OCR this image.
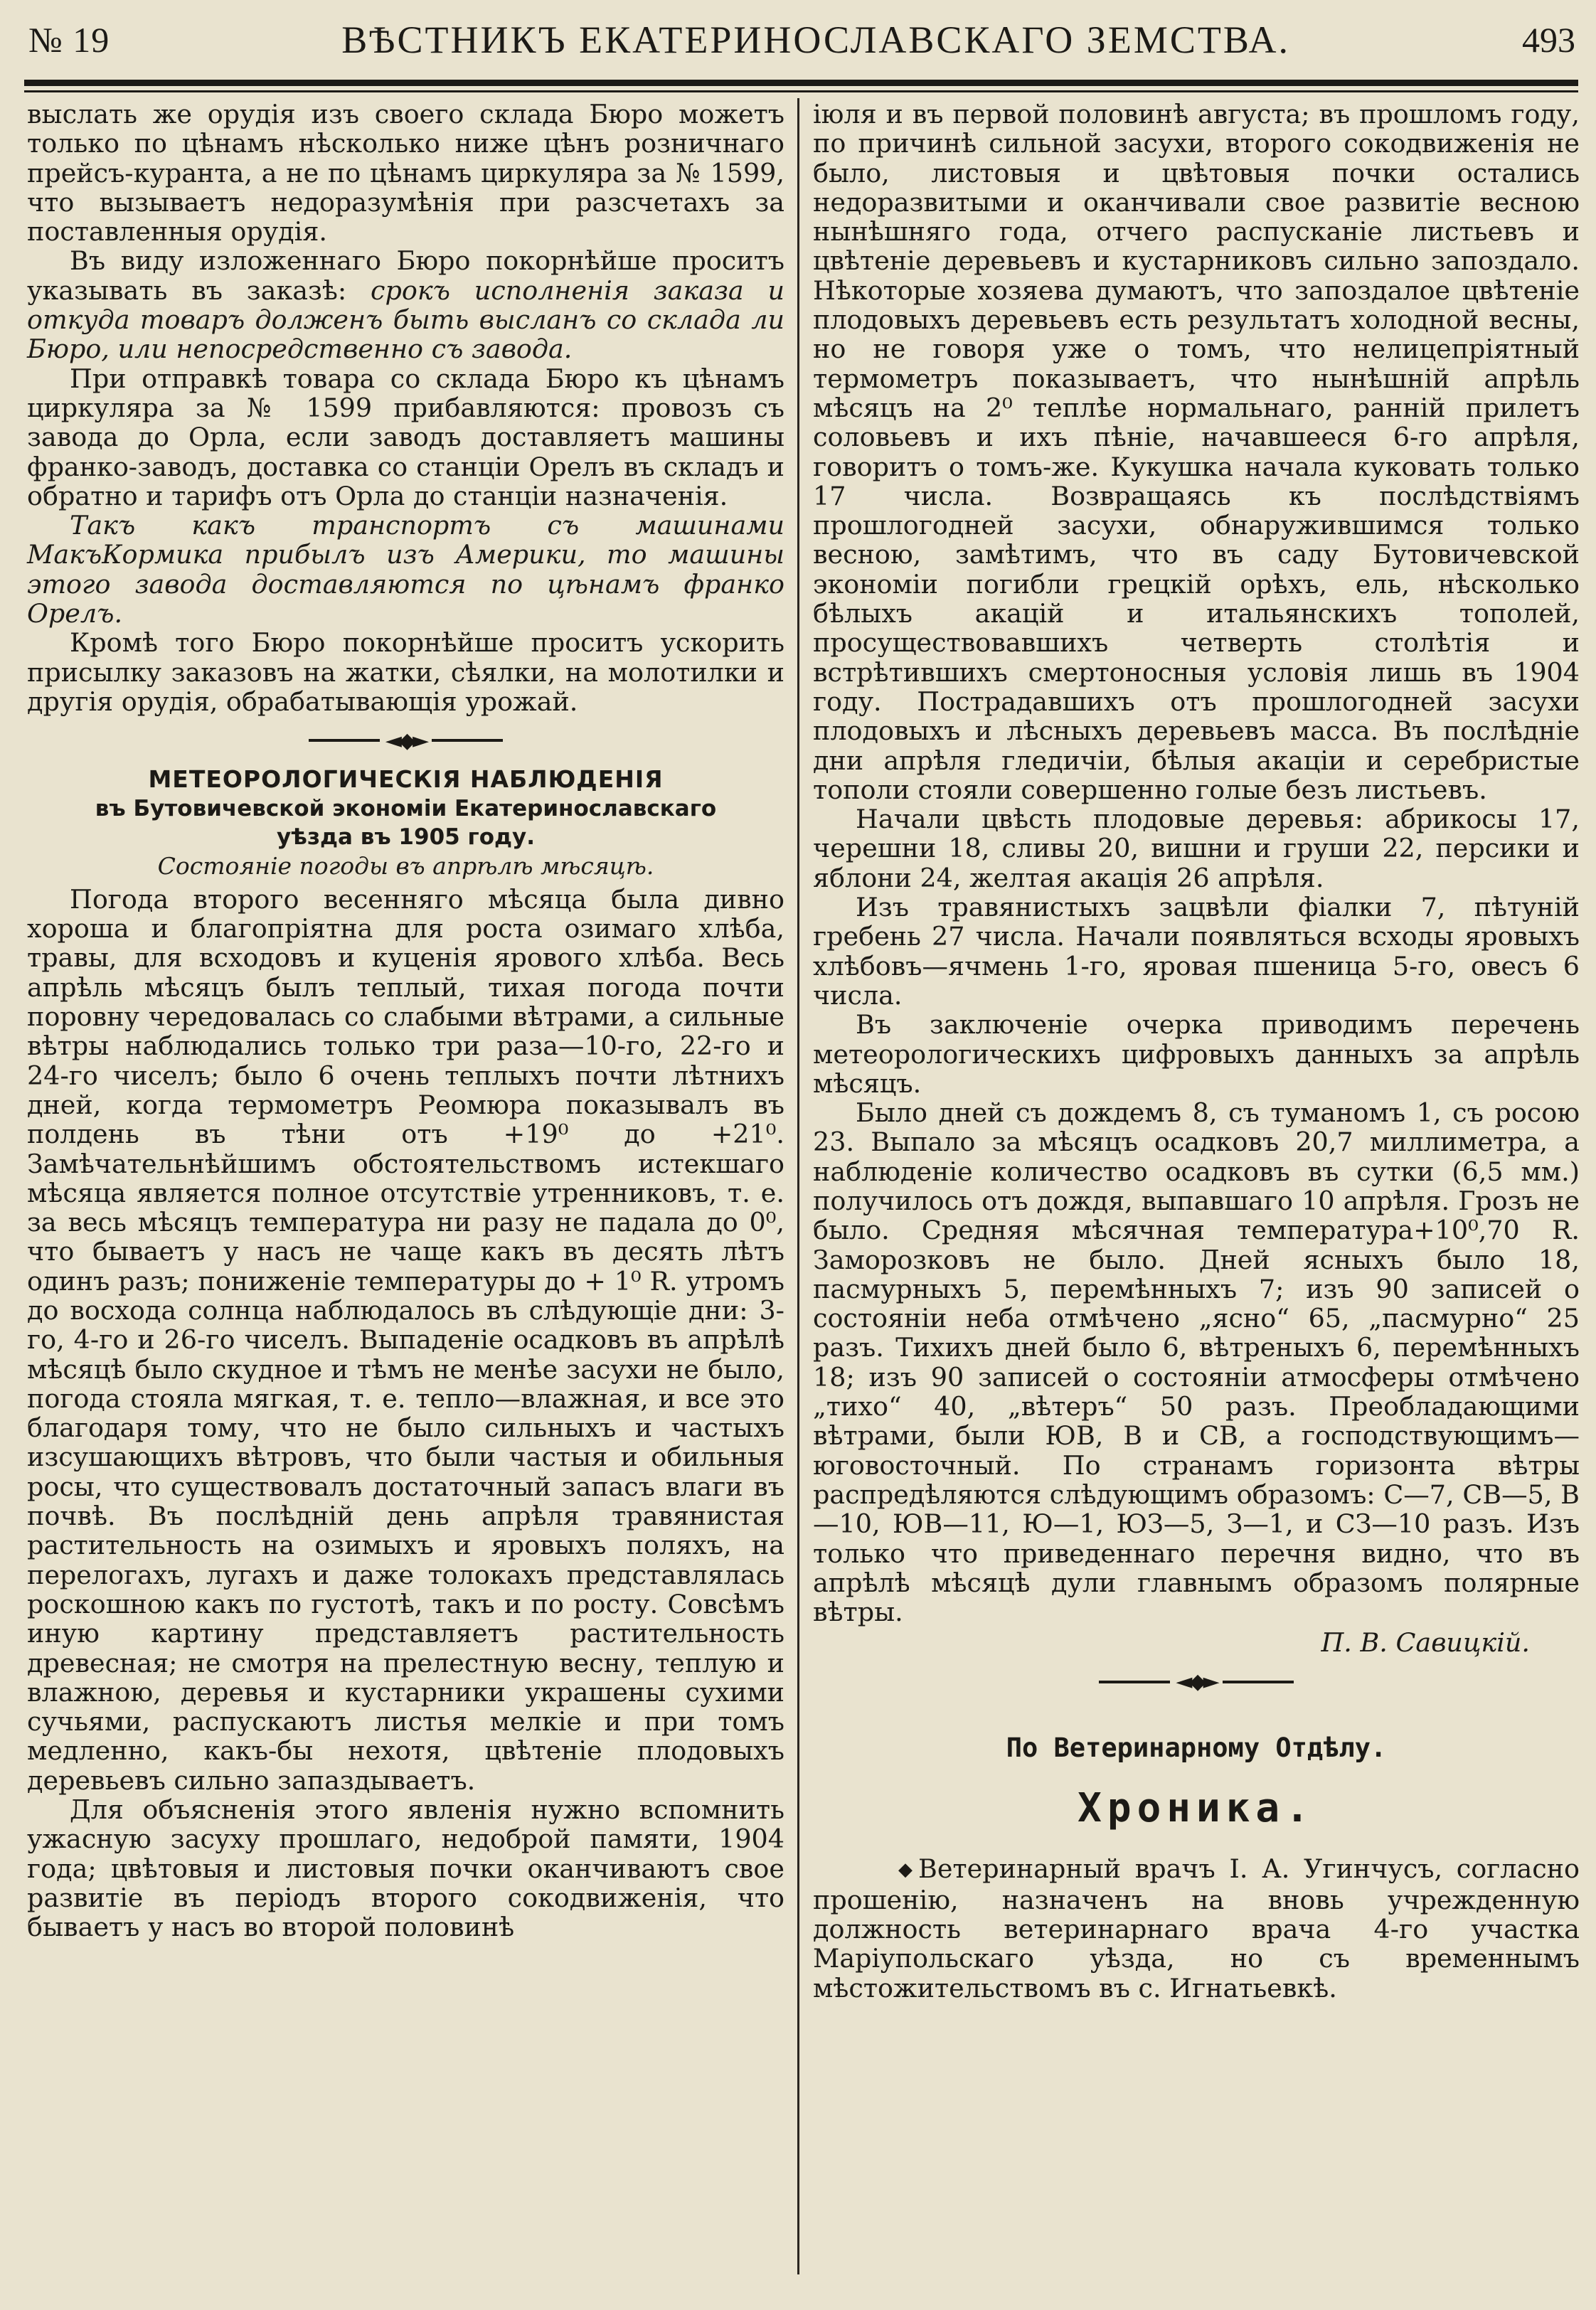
№ 19	ВѢСТНИКЪ ЕКАТЕРИНОСЛАВСКАГО ЗЕМСТВА.	493

выслать же орудія изъ своего склада Бюро можетъ только по цѣнамъ нѣсколько ниже цѣнъ розничнаго прейсъ-куранта, а не по цѣнамъ циркуляра за № 1599, что вызываетъ недоразумѣнія при разсчетахъ за поставленныя орудія.

Въ виду изложеннаго Бюро покорнѣйше проситъ указывать въ заказѣ: срокъ исполненія заказа и откуда товаръ долженъ быть высланъ со склада ли Бюро, или непосредственно съ завода.

При отправкѣ товара со склада Бюро къ цѣнамъ циркуляра за № 1599 прибавляются: провозъ съ завода до Орла, если заводъ доставляетъ машины франко-заводъ, доставка со станціи Орелъ въ складъ и обратно и тарифъ отъ Орла до станціи назначенія.

Такъ какъ транспортъ съ машинами МакъКормика прибылъ изъ Америки, то машины этого завода доставляются по цѣнамъ франко Орелъ.

Кромѣ того Бюро покорнѣйше проситъ ускорить присылку заказовъ на жатки, сѣялки, на молотилки и другія орудія, обрабатывающія урожай.

◄◆►
МЕТЕОРОЛОГИЧЕСКІЯ НАБЛЮДЕНІЯ
въ Бутовичевской экономіи Екатеринославскаго
уѣзда въ 1905 году.
Состояніе погоды въ апрѣлѣ мѣсяцѣ.

Погода второго весенняго мѣсяца была дивно хороша и благопріятна для роста озимаго хлѣба, травы, для всходовъ и куценія ярового хлѣба. Весь апрѣль мѣсяцъ былъ теплый, тихая погода почти поровну чередовалась со слабыми вѣтрами, а сильные вѣтры наблюдались только три раза—10-го, 22-го и 24-го чиселъ; было 6 очень теплыхъ почти лѣтнихъ дней, когда термометръ Реомюра показывалъ въ полдень въ тѣни отъ +19⁰ до +21⁰. Замѣчательнѣйшимъ обстоятельствомъ истекшаго мѣсяца является полное отсутствіе утренниковъ, т. е. за весь мѣсяцъ температура ни разу не падала до 0⁰, что бываетъ у насъ не чаще какъ въ десять лѣтъ одинъ разъ; пониженіе температуры до + 1⁰ R. утромъ до восхода солнца наблюдалось въ слѣдующіе дни: 3-го, 4-го и 26-го чиселъ. Выпаденіе осадковъ въ апрѣлѣ мѣсяцѣ было скудное и тѣмъ не менѣе засухи не было, погода стояла мягкая, т. е. тепло—влажная, и все это благодаря тому, что не было сильныхъ и частыхъ изсушающихъ вѣтровъ, что были частыя и обильныя росы, что существовалъ достаточный запасъ влаги въ почвѣ. Въ послѣдній день апрѣля травянистая растительность на озимыхъ и яровыхъ поляхъ, на перелогахъ, лугахъ и даже толокахъ представлялась роскошною какъ по густотѣ, такъ и по росту. Совсѣмъ иную картину представляетъ растительность древесная; не смотря на прелестную весну, теплую и влажною, деревья и кустарники украшены сухими сучьями, распускаютъ листья мелкіе и при томъ медленно, какъ-бы нехотя, цвѣтеніе плодовыхъ деревьевъ сильно запаздываетъ.

Для объясненія этого явленія нужно вспомнить ужасную засуху прошлаго, недоброй памяти, 1904 года; цвѣтовыя и листовыя почки оканчиваютъ свое развитіе въ періодъ второго сокодвиженія, что бываетъ у насъ во второй половинѣ

іюля и въ первой половинѣ августа; въ прошломъ году, по причинѣ сильной засухи, второго сокодвиженія не было, листовыя и цвѣтовыя почки остались недоразвитыми и оканчивали свое развитіе весною нынѣшняго года, отчего распусканіе листьевъ и цвѣтеніе деревьевъ и кустарниковъ сильно запоздало. Нѣкоторые хозяева думаютъ, что запоздалое цвѣтеніе плодовыхъ деревьевъ есть результатъ холодной весны, но не говоря уже о томъ, что нелицепріятный термометръ показываетъ, что нынѣшній апрѣль мѣсяцъ на 2⁰ теплѣе нормальнаго, ранній прилетъ соловьевъ и ихъ пѣніе, начавшееся 6-го апрѣля, говоритъ о томъ-же. Кукушка начала куковать только 17 числа. Возвращаясь къ послѣдствіямъ прошлогодней засухи, обнаружившимся только весною, замѣтимъ, что въ саду Бутовичевской экономіи погибли грецкій орѣхъ, ель, нѣсколько бѣлыхъ акацій и итальянскихъ тополей, просуществовавшихъ четверть столѣтія и встрѣтившихъ смертоносныя условія лишь въ 1904 году. Пострадавшихъ отъ прошлогодней засухи плодовыхъ и лѣсныхъ деревьевъ масса. Въ послѣдніе дни апрѣля гледичіи, бѣлыя акаціи и серебристые тополи стояли совершенно голые безъ листьевъ.

Начали цвѣсть плодовые деревья: абрикосы 17, черешни 18, сливы 20, вишни и груши 22, персики и яблони 24, желтая акація 26 апрѣля.

Изъ травянистыхъ зацвѣли фіалки 7, пѣтуній гребень 27 числа. Начали появляться всходы яровыхъ хлѣбовъ—ячмень 1-го, яровая пшеница 5-го, овесъ 6 числа.

Въ заключеніе очерка приводимъ перечень метеорологическихъ цифровыхъ данныхъ за апрѣль мѣсяцъ.

Было дней съ дождемъ 8, съ туманомъ 1, съ росою 23. Выпало за мѣсяцъ осадковъ 20,7 миллиметра, а наблюденіе количество осадковъ въ сутки (6,5 мм.) получилось отъ дождя, выпавшаго 10 апрѣля. Грозъ не было. Средняя мѣсячная температура+10⁰,70 R. Заморозковъ не было. Дней ясныхъ было 18, пасмурныхъ 5, перемѣнныхъ 7; изъ 90 записей о состояніи неба отмѣчено „ясно“ 65, „пасмурно“ 25 разъ. Тихихъ дней было 6, вѣтреныхъ 6, перемѣнныхъ 18; изъ 90 записей о состояніи атмосферы отмѣчено „тихо“ 40, „вѣтеръ“ 50 разъ. Преобладающими вѣтрами, были ЮВ, В и СВ, а господствующимъ—юговосточный. По странамъ горизонта вѣтры распредѣляются слѣдующимъ образомъ: С—7, СВ—5, В—10, ЮВ—11, Ю—1, ЮЗ—5, З—1, и СЗ—10 разъ. Изъ только что приведеннаго перечня видно, что въ апрѣлѣ мѣсяцѣ дули главнымъ образомъ полярные вѣтры.

П. В. Савицкій.
◄◆►
По Ветеринарному Отдѣлу.
Хроника.

◆ Ветеринарный врачъ I. А. Угинчусъ, согласно прошенію, назначенъ на вновь учрежденную должность ветеринарнаго врача 4-го участка Маріупольскаго уѣзда, но съ временнымъ мѣстожительствомъ въ с. Игнатьевкѣ.
